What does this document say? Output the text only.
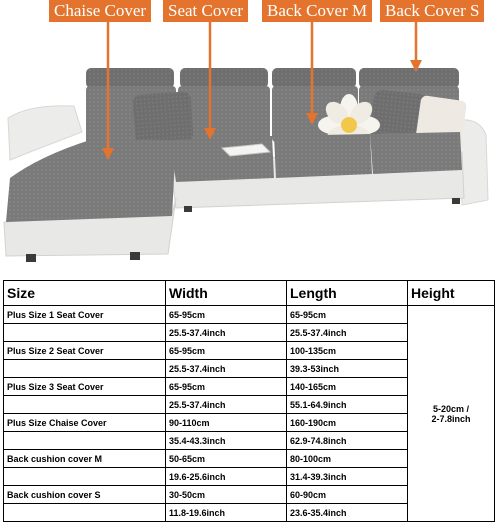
Chaise Cover Seat Cover Back Cover M Back Cover S
Size	Width	Length	Height
Plus Size 1 Seat Cover	65-95cm	65-95cm	5-20cm /
2-7.8inch

	25.5-37.4inch	25.5-37.4inch	
Plus Size 2 Seat Cover	65-95cm	100-135cm	
	25.5-37.4inch	39.3-53inch	
Plus Size 3 Seat Cover	65-95cm	140-165cm	
	25.5-37.4inch	55.1-64.9inch	
Plus Size Chaise Cover	90-110cm	160-190cm	
	35.4-43.3inch	62.9-74.8inch	
Back cushion cover M	50-65cm	80-100cm	
	19.6-25.6inch	31.4-39.3inch	
Back cushion cover S	30-50cm	60-90cm	
	11.8-19.6inch	23.6-35.4inch	
